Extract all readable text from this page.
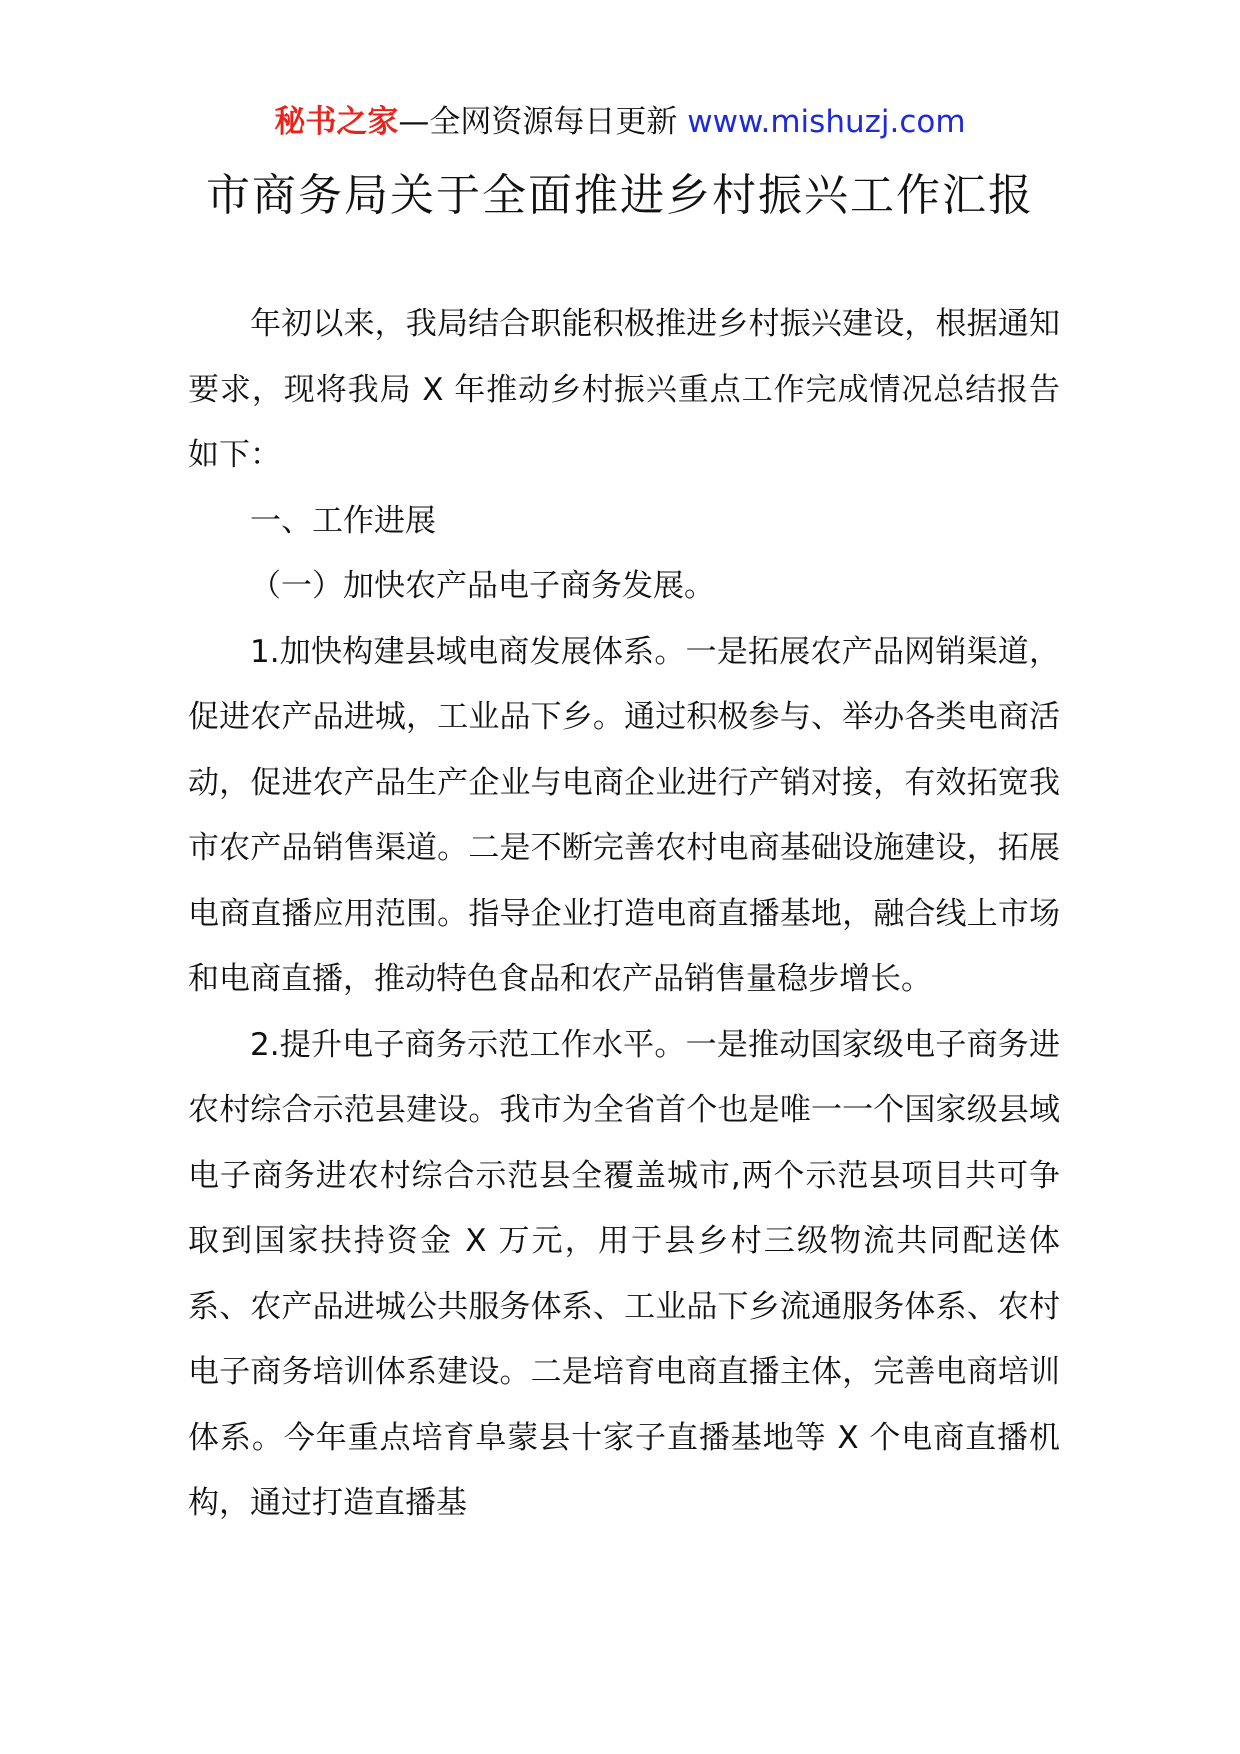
秘书之家—全网资源每日更新 www.mishuzj.com
市商务局关于全面推进乡村振兴工作汇报

年初以来，我局结合职能积极推进乡村振兴建设，根据通知要求，现将我局 X 年推动乡村振兴重点工作完成情况总结报告如下：

一、工作进展

（一）加快农产品电子商务发展。

1.加快构建县域电商发展体系。一是拓展农产品网销渠道，促进农产品进城，工业品下乡。通过积极参与、举办各类电商活动，促进农产品生产企业与电商企业进行产销对接，有效拓宽我市农产品销售渠道。二是不断完善农村电商基础设施建设，拓展电商直播应用范围。指导企业打造电商直播基地，融合线上市场和电商直播，推动特色食品和农产品销售量稳步增长。

2.提升电子商务示范工作水平。一是推动国家级电子商务进农村综合示范县建设。我市为全省首个也是唯一一个国家级县域电子商务进农村综合示范县全覆盖城市,两个示范县项目共可争取到国家扶持资金 X 万元，用于县乡村三级物流共同配送体系、农产品进城公共服务体系、工业品下乡流通服务体系、农村电子商务培训体系建设。二是培育电商直播主体，完善电商培训体系。今年重点培育阜蒙县十家子直播基地等 X 个电商直播机构，通过打造直播基
